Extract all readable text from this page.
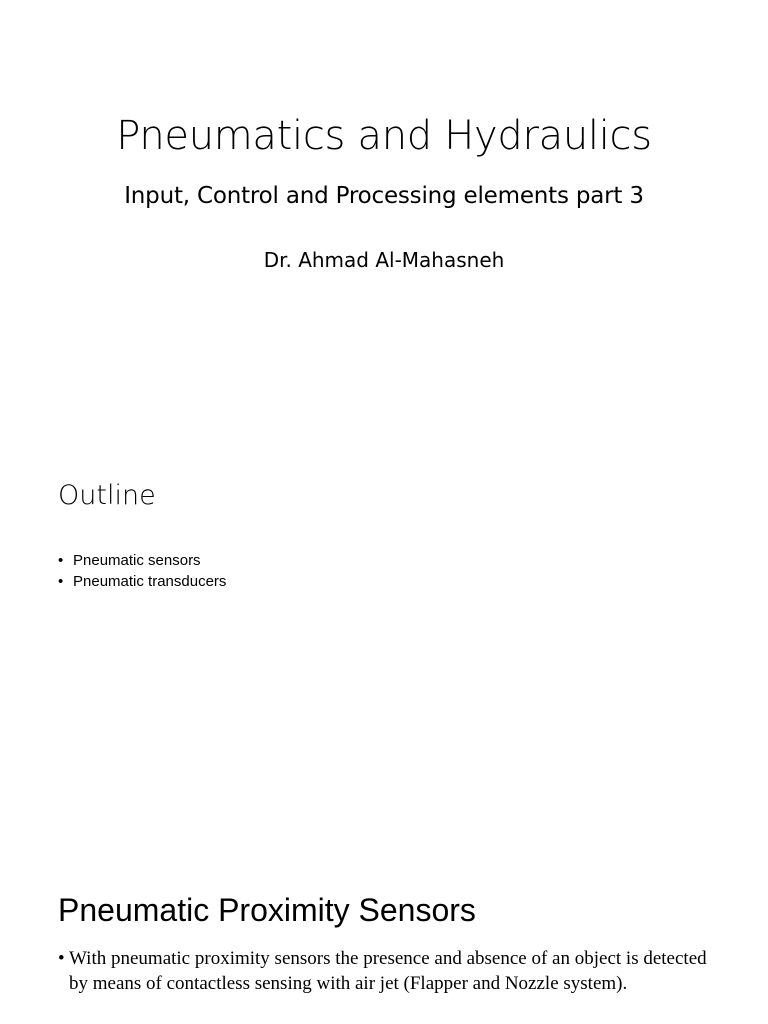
Pneumatics and Hydraulics
Input, Control and Processing elements part 3
Dr. Ahmad Al-Mahasneh
Outline
• Pneumatic sensors
• Pneumatic transducers
Pneumatic Proximity Sensors
• With pneumatic proximity sensors the presence and absence of an object is detected by means of contactless sensing with air jet (Flapper and Nozzle system).
